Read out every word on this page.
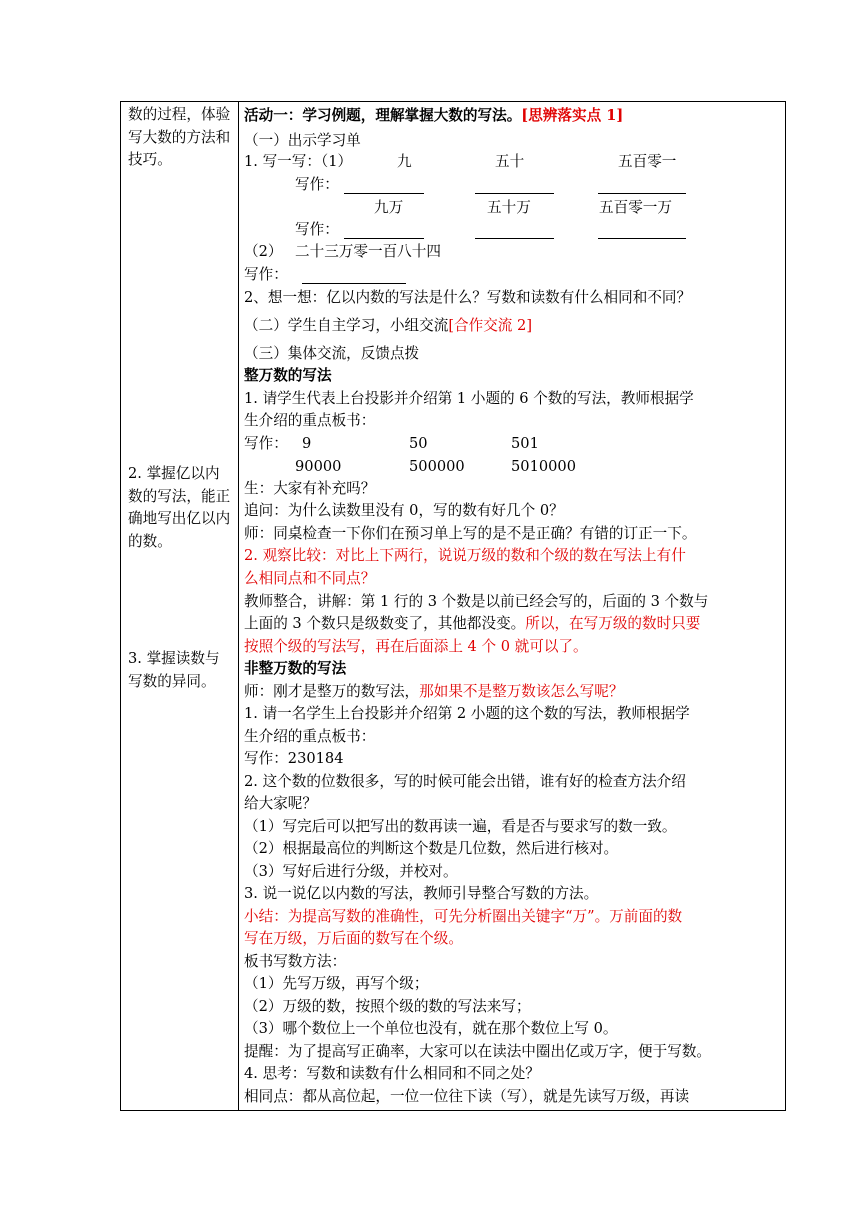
数的过程，体验写大数的方法和技巧。
2. 掌握亿以内数的写法，能正确地写出亿以内的数。
3. 掌握读数与写数的异同。
活动一：学习例题，理解掌握大数的写法。[思辨落实点 1]
（一）出示学习单
1. 写一写：（1）	九	五十	五百零一
写作：
九万	五十万	五百零一万
写作：
（2） 二十三万零一百八十四
写作：
2、想一想：亿以内数的写法是什么？写数和读数有什么相同和不同？
（二）学生自主学习，小组交流[合作交流 2]
（三）集体交流，反馈点拨
整万数的写法
1. 请学生代表上台投影并介绍第 1 小题的 6 个数的写法，教师根据学
生介绍的重点板书：
写作： 9	50	501
90000	500000	5010000
生：大家有补充吗？
追问：为什么读数里没有 0，写的数有好几个 0？
师：同桌检查一下你们在预习单上写的是不是正确？有错的订正一下。
2. 观察比较：对比上下两行，说说万级的数和个级的数在写法上有什
么相同点和不同点？
教师整合，讲解：第 1 行的 3 个数是以前已经会写的，后面的 3 个数与
上面的 3 个数只是级数变了，其他都没变。所以，在写万级的数时只要
按照个级的写法写，再在后面添上 4 个 0 就可以了。
非整万数的写法
师：刚才是整万的数写法，那如果不是整万数该怎么写呢？
1. 请一名学生上台投影并介绍第 2 小题的这个数的写法，教师根据学
生介绍的重点板书：
写作：230184
2. 这个数的位数很多，写的时候可能会出错，谁有好的检查方法介绍
给大家呢？
（1）写完后可以把写出的数再读一遍，看是否与要求写的数一致。
（2）根据最高位的判断这个数是几位数，然后进行核对。
（3）写好后进行分级，并校对。
3. 说一说亿以内数的写法，教师引导整合写数的方法。
小结：为提高写数的准确性，可先分析圈出关键字“万”。万前面的数
写在万级，万后面的数写在个级。
板书写数方法：
（1）先写万级，再写个级；
（2）万级的数，按照个级的数的写法来写；
（3）哪个数位上一个单位也没有，就在那个数位上写 0。
提醒：为了提高写正确率，大家可以在读法中圈出亿或万字，便于写数。
4. 思考：写数和读数有什么相同和不同之处？
相同点：都从高位起，一位一位往下读（写），就是先读写万级，再读
